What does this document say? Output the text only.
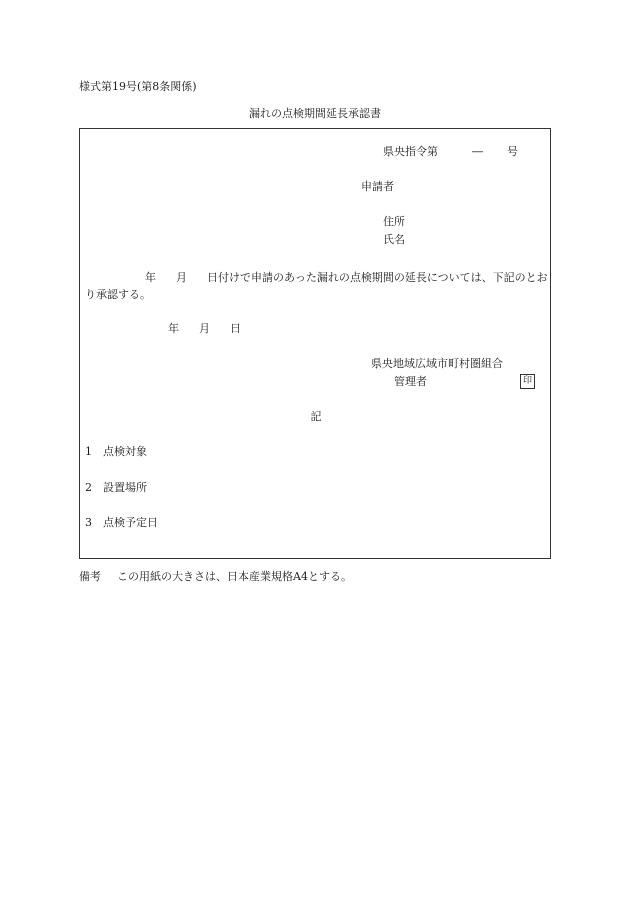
様式第19号(第8条関係)
漏れの点検期間延長承認書
県央指令第	― 号
申請者
住所
氏名
年 月 日付けで申請のあった漏れの点検期間の延長については、下記のとおり承認する。
年 月 日
県央地域広域市町村圏組合
管理者	印
記
1 点検対象
2 設置場所
3 点検予定日
備考 この用紙の大きさは、日本産業規格A4とする。
